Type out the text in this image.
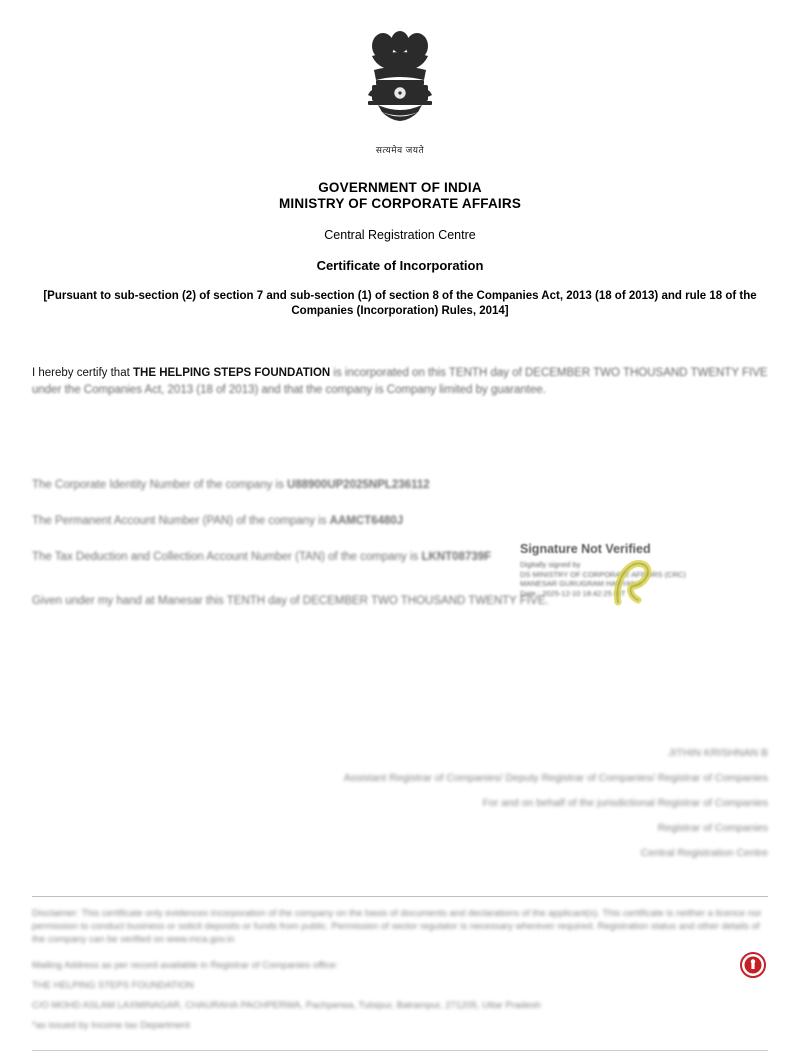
सत्यमेव जयते
GOVERNMENT OF INDIA
MINISTRY OF CORPORATE AFFAIRS
Central Registration Centre
Certificate of Incorporation
[Pursuant to sub-section (2) of section 7 and sub-section (1) of section 8 of the Companies Act, 2013 (18 of 2013) and rule 18 of the Companies (Incorporation) Rules, 2014]
I hereby certify that THE HELPING STEPS FOUNDATION is incorporated on this TENTH day of DECEMBER TWO THOUSAND TWENTY FIVE under the Companies Act, 2013 (18 of 2013) and that the company is Company limited by guarantee.
The Corporate Identity Number of the company is U88900UP2025NPL236112
The Permanent Account Number (PAN) of the company is AAMCT6480J
The Tax Deduction and Collection Account Number (TAN) of the company is LKNT08739F
Given under my hand at Manesar this TENTH day of DECEMBER TWO THOUSAND TWENTY FIVE.
Signature Not Verified
Digitally signed by
DS MINISTRY OF CORPORATE AFFAIRS (CRC)
MANESAR GURUGRAM HARYANA
Date : 2025-12-10 18:42:25 IST
JITHIN KRISHNAN B
Assistant Registrar of Companies/ Deputy Registrar of Companies/ Registrar of Companies
For and on behalf of the jurisdictional Registrar of Companies
Registrar of Companies
Central Registration Centre
Disclaimer: This certificate only evidences incorporation of the company on the basis of documents and declarations of the applicant(s). This certificate is neither a licence nor permission to conduct business or solicit deposits or funds from public. Permission of sector regulator is necessary wherever required. Registration status and other details of the company can be verified on www.mca.gov.in
Mailing Address as per record available in Registrar of Companies office:
THE HELPING STEPS FOUNDATION
C/O MOHD ASLAM LAXMINAGAR, CHAURAHA PACHPERWA, Pachperwa, Tulsipur, Balrampur, 271205, Uttar Pradesh
*as issued by Income tax Department
